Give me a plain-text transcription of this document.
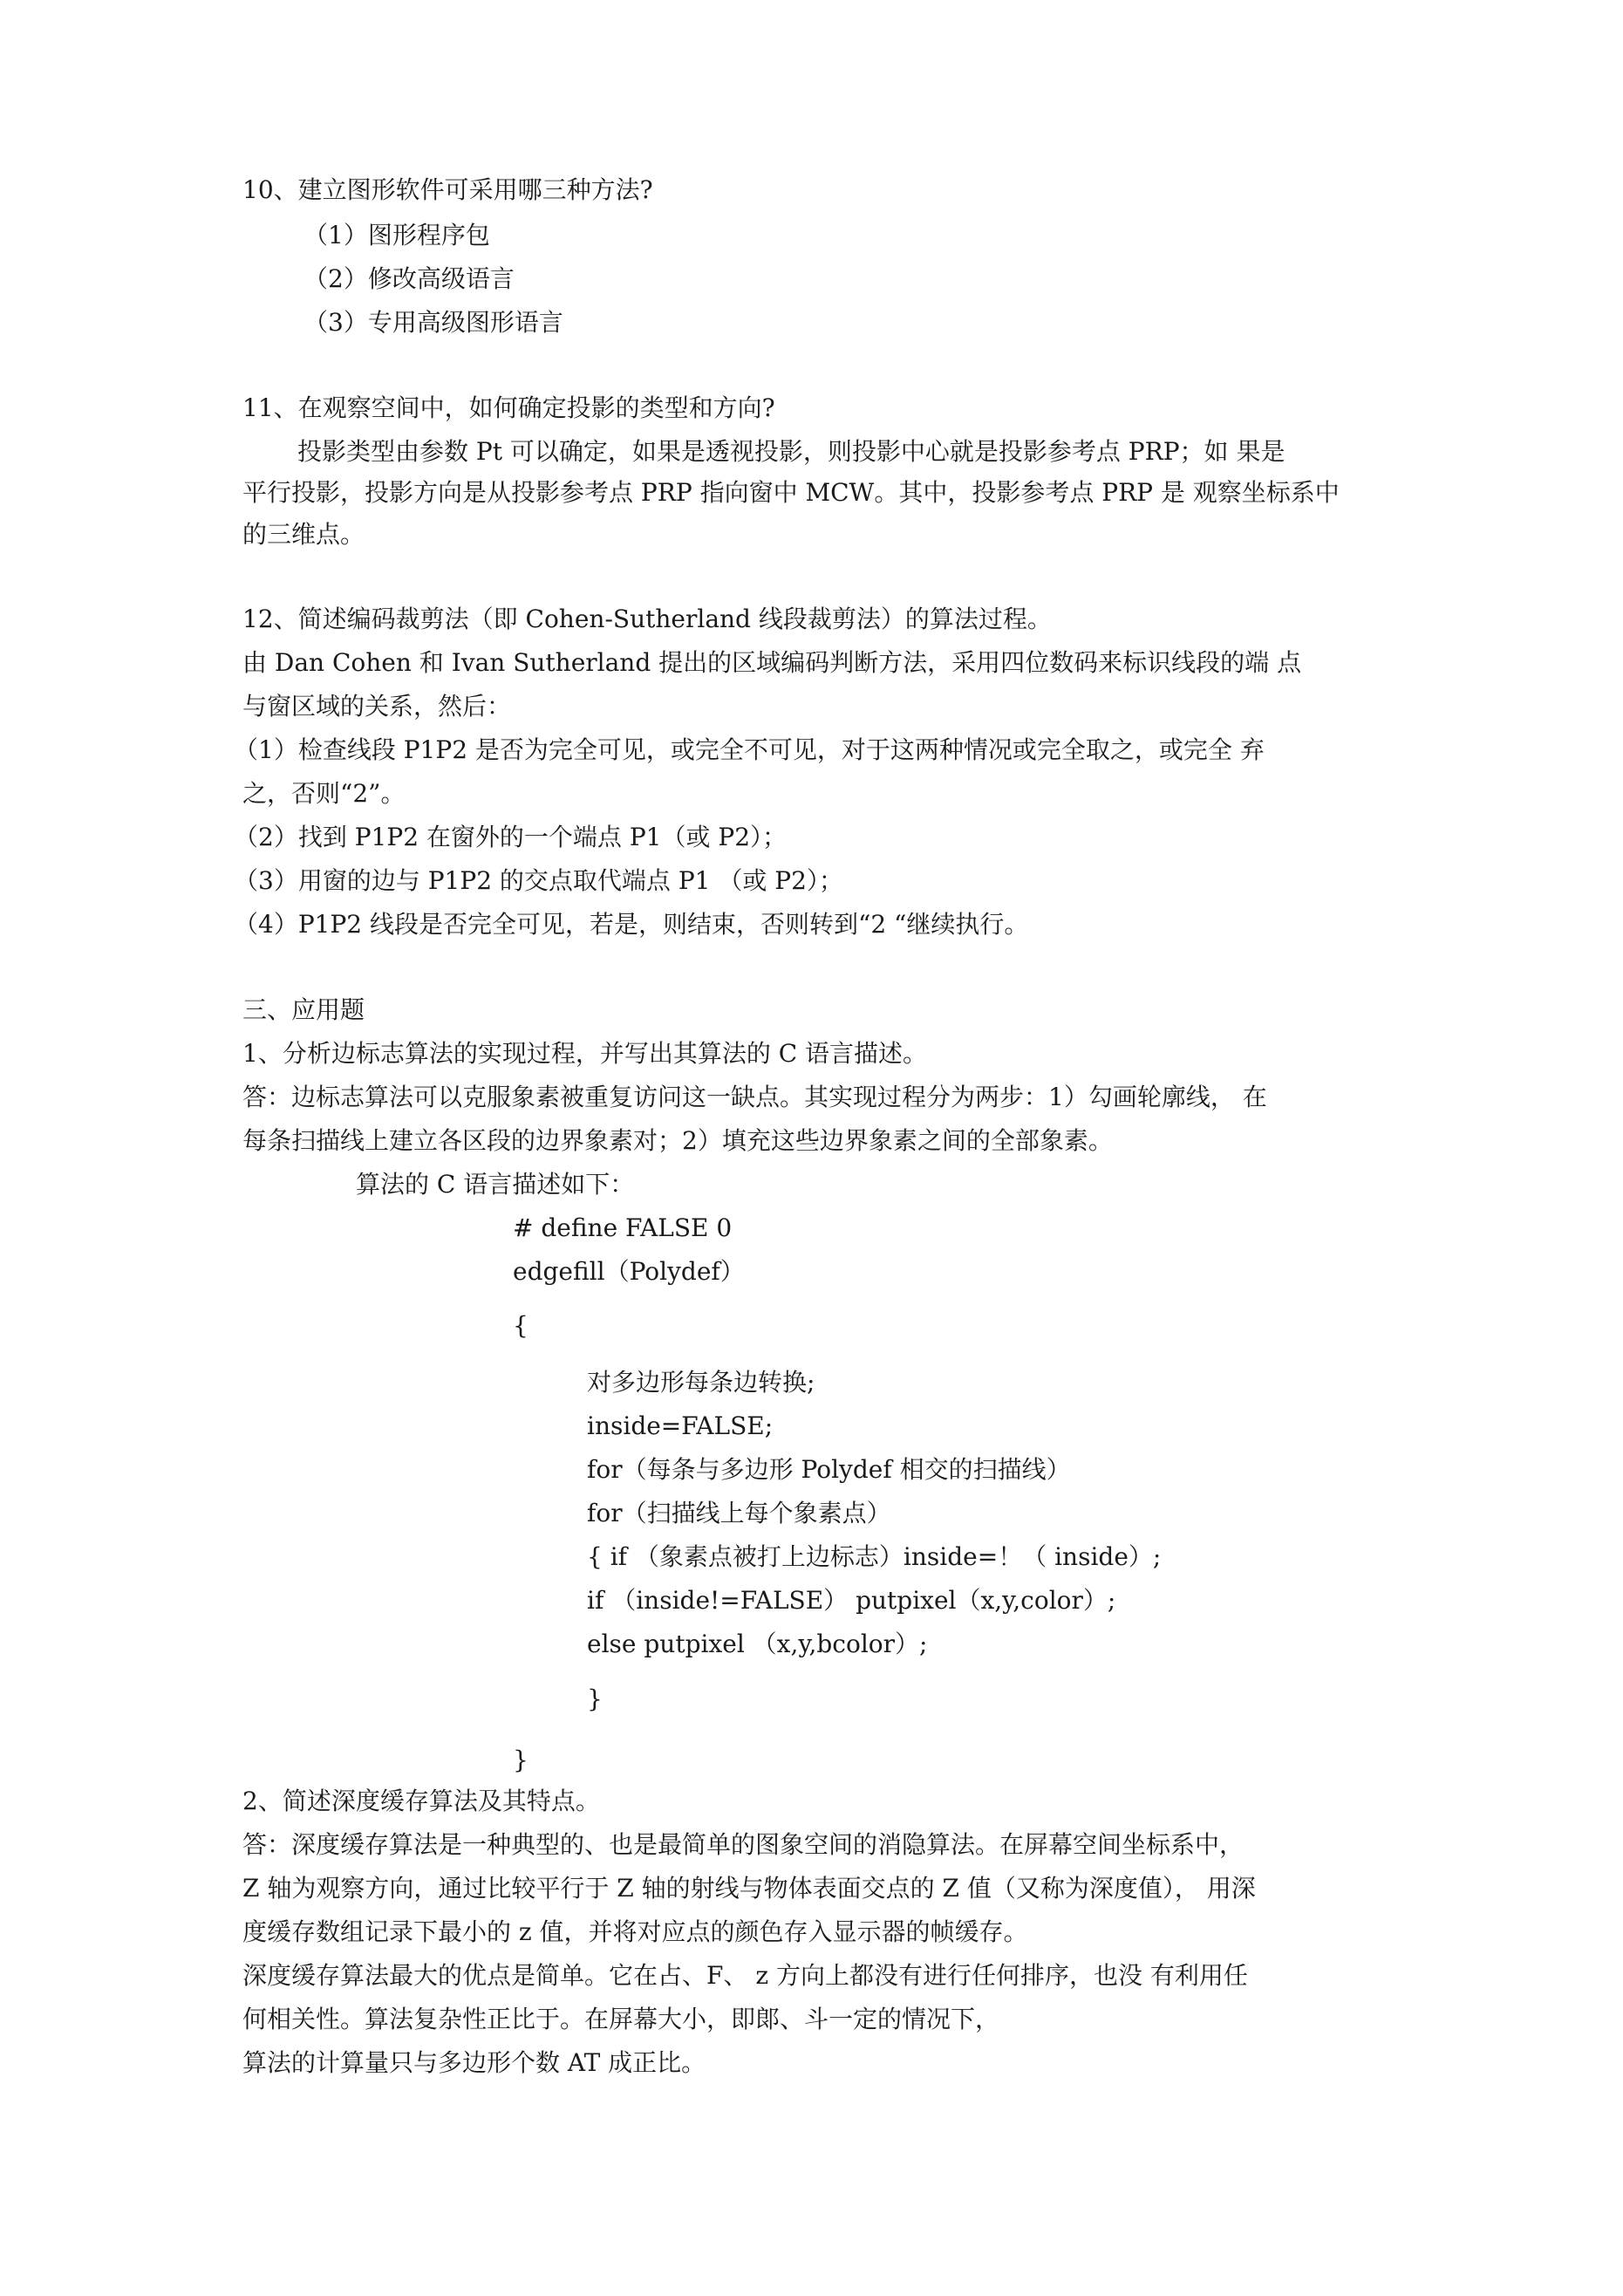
10、建立图形软件可采用哪三种方法?
（1）图形程序包
（2）修改高级语言
（3）专用高级图形语言
11、在观察空间中，如何确定投影的类型和方向?
投影类型由参数 Pt 可以确定，如果是透视投影，则投影中心就是投影参考点 PRP；如 果是
平行投影，投影方向是从投影参考点 PRP 指向窗中 MCW。其中，投影参考点 PRP 是 观察坐标系中
的三维点。
12、简述编码裁剪法（即 Cohen-Sutherland 线段裁剪法）的算法过程。
由 Dan Cohen 和 Ivan Sutherland 提出的区域编码判断方法，采用四位数码来标识线段的端 点
与窗区域的关系，然后：
（1）检查线段 P1P2 是否为完全可见，或完全不可见，对于这两种情况或完全取之，或完全 弃
之，否则“2”。
（2）找到 P1P2 在窗外的一个端点 P1（或 P2）；
（3）用窗的边与 P1P2 的交点取代端点 P1 （或 P2）；
（4）P1P2 线段是否完全可见，若是，则结束，否则转到“2 “继续执行。
三、应用题
1、分析边标志算法的实现过程，并写出其算法的 C 语言描述。
答：边标志算法可以克服象素被重复访问这一缺点。其实现过程分为两步：1）勾画轮廓线， 在
每条扫描线上建立各区段的边界象素对；2）填充这些边界象素之间的全部象素。
算法的 C 语言描述如下：
# define FALSE 0
edgefill（Polydef）
{
对多边形每条边转换;
inside=FALSE;
for（每条与多边形 Polydef 相交的扫描线）
for（扫描线上每个象素点）
{ if （象素点被打上边标志）inside=！（ inside）;
if （inside!=FALSE） putpixel（x,y,color）;
else putpixel （x,y,bcolor）;
}
}
2、简述深度缓存算法及其特点。
答：深度缓存算法是一种典型的、也是最简单的图象空间的消隐算法。在屏幕空间坐标系中，
Z 轴为观察方向，通过比较平行于 Z 轴的射线与物体表面交点的 Z 值（又称为深度值）， 用深
度缓存数组记录下最小的 z 值，并将对应点的颜色存入显示器的帧缓存。
深度缓存算法最大的优点是简单。它在占、F、 z 方向上都没有进行任何排序，也没 有利用任
何相关性。算法复杂性正比于。在屏幕大小，即郞、斗一定的情况下，
算法的计算量只与多边形个数 AT 成正比。
